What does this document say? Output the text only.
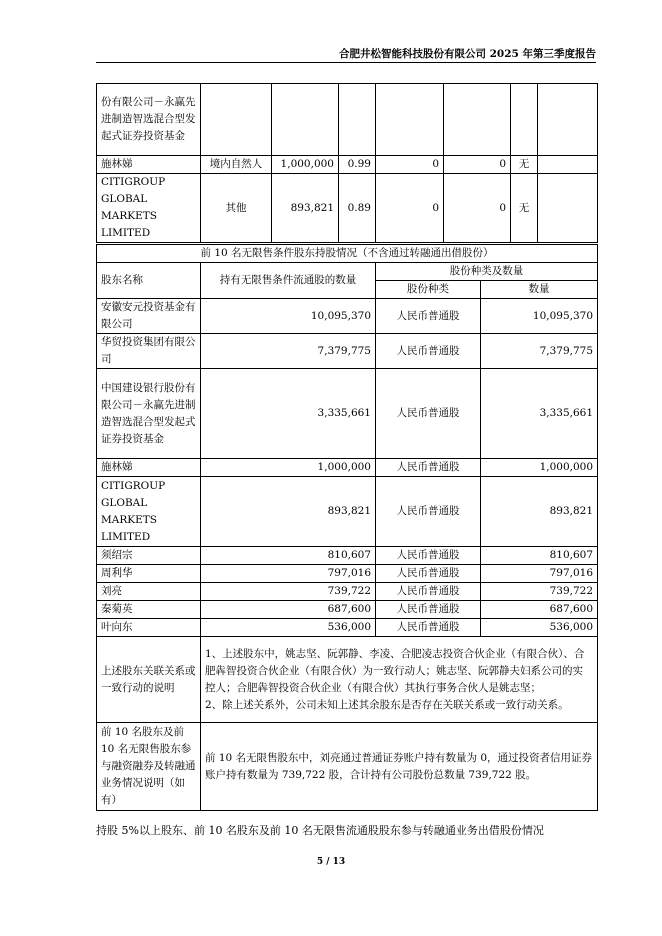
合肥井松智能科技股份有限公司 2025 年第三季度报告
份有限公司－永赢先进制造智选混合型发起式证券投资基金							
施林娣	境内自然人	1,000,000	0.99	0	0	无	
CITIGROUP GLOBAL MARKETS LIMITED	其他	893,821	0.89	0	0	无	
前 10 名无限售条件股东持股情况（不含通过转融通出借股份）			
股东名称	持有无限售条件流通股的数量	股份种类及数量	
		股份种类	数量
安徽安元投资基金有限公司	10,095,370	人民币普通股	10,095,370
华贸投资集团有限公司	7,379,775	人民币普通股	7,379,775
中国建设银行股份有限公司－永赢先进制造智选混合型发起式证券投资基金	3,335,661	人民币普通股	3,335,661
施林娣	1,000,000	人民币普通股	1,000,000
CITIGROUP GLOBAL MARKETS LIMITED	893,821	人民币普通股	893,821
须绍宗	810,607	人民币普通股	810,607
周利华	797,016	人民币普通股	797,016
刘亮	739,722	人民币普通股	739,722
秦菊英	687,600	人民币普通股	687,600
叶向东	536,000	人民币普通股	536,000
上述股东关联关系或一致行动的说明	1、上述股东中，姚志坚、阮郭静、李凌、合肥凌志投资合伙企业（有限合伙）、合肥犇智投资合伙企业（有限合伙）为一致行动人；姚志坚、阮郭静夫妇系公司的实控人；合肥犇智投资合伙企业（有限合伙）其执行事务合伙人是姚志坚；
2、除上述关系外，公司未知上述其余股东是否存在关联关系或一致行动关系。		

前 10 名股东及前 10 名无限售股东参与融资融券及转融通业务情况说明（如有）	前 10 名无限售股东中，刘亮通过普通证券账户持有数量为 0，通过投资者信用证券账户持有数量为 739,722 股，合计持有公司股份总数量 739,722 股。		
持股 5%以上股东、前 10 名股东及前 10 名无限售流通股股东参与转融通业务出借股份情况
5 / 13
